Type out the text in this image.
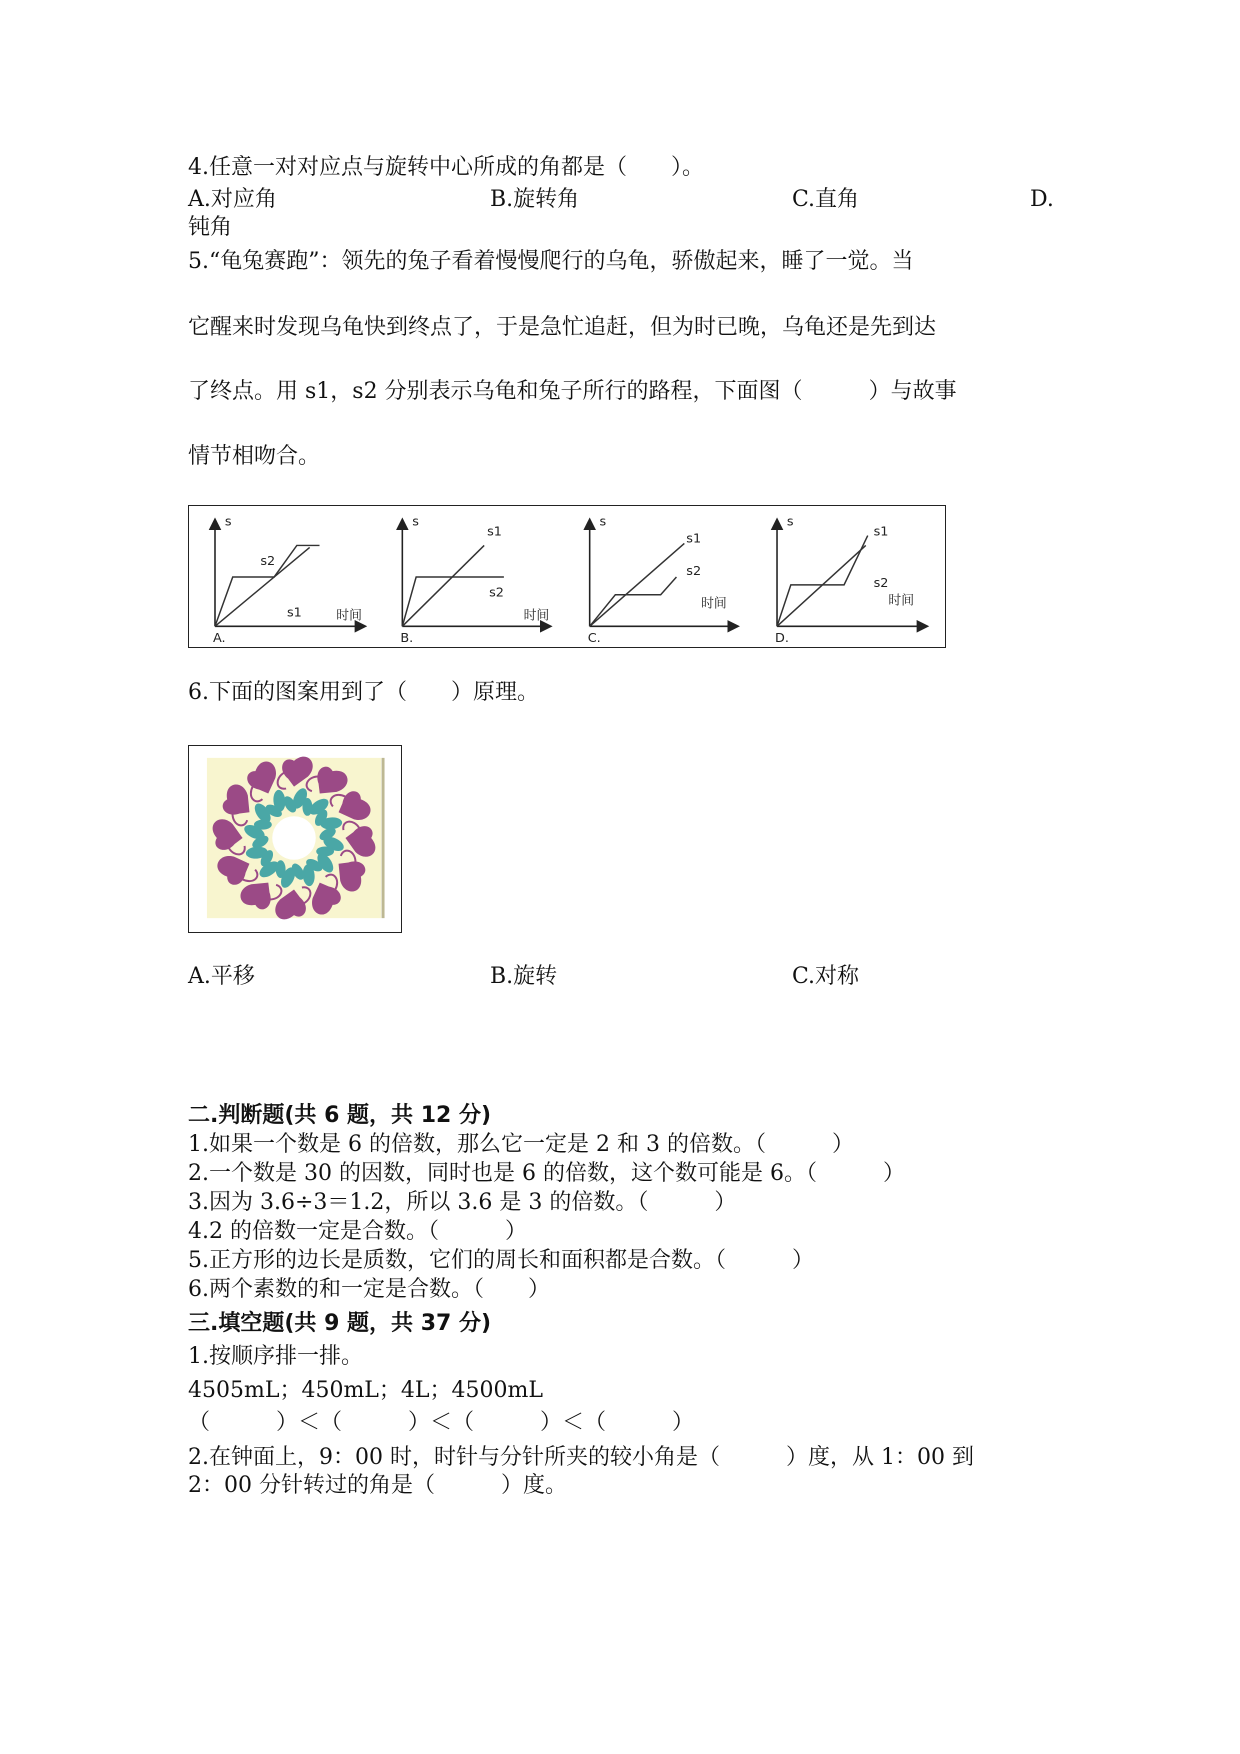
4.任意一对对应点与旋转中心所成的角都是（　　）。
A.对应角	B.旋转角	C.直角	D.
钝角
5.“龟兔赛跑”：领先的兔子看着慢慢爬行的乌龟，骄傲起来，睡了一觉。当
它醒来时发现乌龟快到终点了，于是急忙追赶，但为时已晚，乌龟还是先到达
了终点。用 s1，s2 分别表示乌龟和兔子所行的路程，下面图（　　　）与故事
情节相吻合。
s
s2
s1	时间
A.
s
s1
s2
时间
B.
s
s1
s2
时间
C.
s
s1
s2
时间
D.
6.下面的图案用到了（　　）原理。
A.平移	B.旋转	C.对称
二.判断题(共 6 题，共 12 分)
1.如果一个数是 6 的倍数，那么它一定是 2 和 3 的倍数。（　　　）
2.一个数是 30 的因数，同时也是 6 的倍数，这个数可能是 6。（　　　）
3.因为 3.6÷3＝1.2，所以 3.6 是 3 的倍数。（　　　）
4.2 的倍数一定是合数。（　　　）
5.正方形的边长是质数，它们的周长和面积都是合数。（　　　）
6.两个素数的和一定是合数。（　　）
三.填空题(共 9 题，共 37 分)
1.按顺序排一排。
4505mL；450mL；4L；4500mL
（　　　）＜（　　　）＜（　　　）＜（　　　）
2.在钟面上，9：00 时，时针与分针所夹的较小角是（　　　）度，从 1：00 到
2：00 分针转过的角是（　　　）度。
